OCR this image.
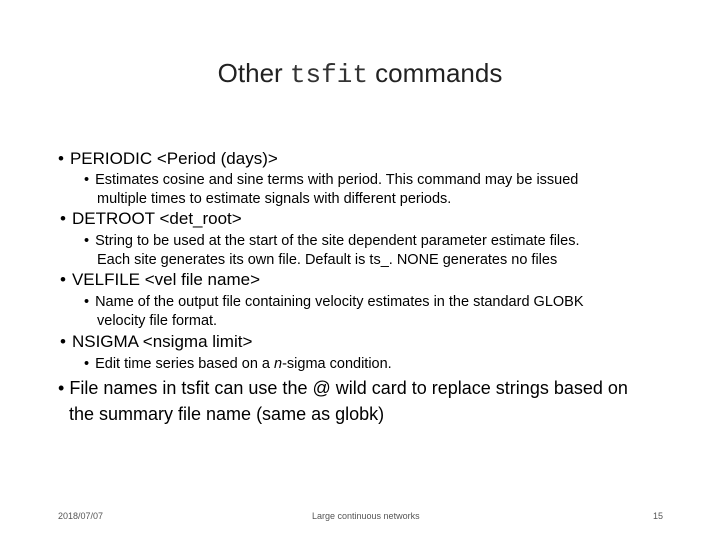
Other tsfit commands
• PERIODIC <Period (days)>
• Estimates cosine and sine terms with period. This command may be issued
multiple times to estimate signals with different periods.
• DETROOT <det_root>
• String to be used at the start of the site dependent parameter estimate files.
Each site generates its own file. Default is ts_. NONE generates no files
• VELFILE <vel file name>
• Name of the output file containing velocity estimates in the standard GLOBK
velocity file format.
• NSIGMA <nsigma limit>
• Edit time series based on a n-sigma condition.
• File names in tsfit can use the @ wild card to replace strings based on
the summary file name (same as globk)
2018/07/07	Large continuous networks	15
